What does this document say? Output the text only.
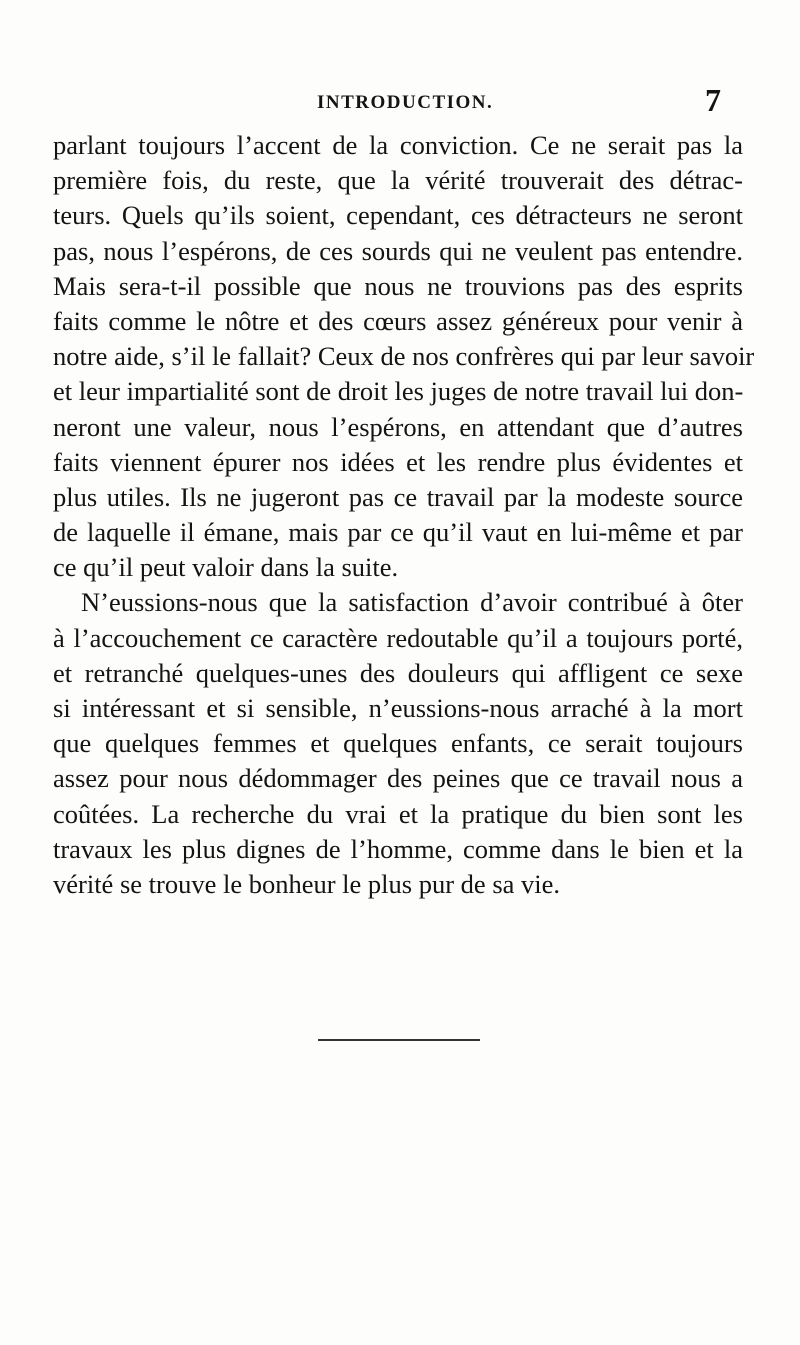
INTRODUCTION.	7
parlant toujours l’accent de la conviction. Ce ne serait pas la
première fois, du reste, que la vérité trouverait des détrac-
teurs. Quels qu’ils soient, cependant, ces détracteurs ne seront
pas, nous l’espérons, de ces sourds qui ne veulent pas entendre.
Mais sera-t-il possible que nous ne trouvions pas des esprits
faits comme le nôtre et des cœurs assez généreux pour venir à
notre aide, s’il le fallait? Ceux de nos confrères qui par leur savoir
et leur impartialité sont de droit les juges de notre travail lui don-
neront une valeur, nous l’espérons, en attendant que d’autres
faits viennent épurer nos idées et les rendre plus évidentes et
plus utiles. Ils ne jugeront pas ce travail par la modeste source
de laquelle il émane, mais par ce qu’il vaut en lui-même et par
ce qu’il peut valoir dans la suite.
N’eussions-nous que la satisfaction d’avoir contribué à ôter
à l’accouchement ce caractère redoutable qu’il a toujours porté,
et retranché quelques-unes des douleurs qui affligent ce sexe
si intéressant et si sensible, n’eussions-nous arraché à la mort
que quelques femmes et quelques enfants, ce serait toujours
assez pour nous dédommager des peines que ce travail nous a
coûtées. La recherche du vrai et la pratique du bien sont les
travaux les plus dignes de l’homme, comme dans le bien et la
vérité se trouve le bonheur le plus pur de sa vie.
